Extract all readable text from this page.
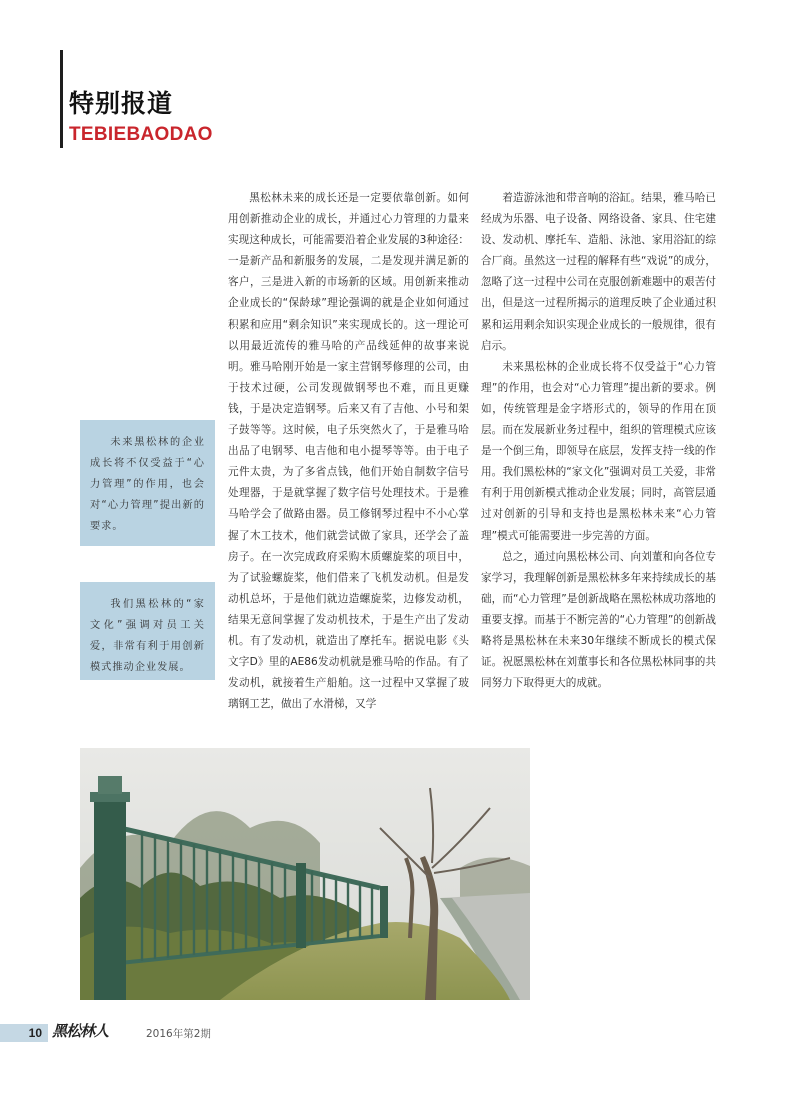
特别报道
TEBIEBAODAO

未来黑松林的企业成长将不仅受益于“心力管理”的作用，也会对“心力管理”提出新的要求。

我们黑松林的“家文化”强调对员工关爱，非常有利于用创新模式推动企业发展。

黑松林未来的成长还是一定要依靠创新。如何用创新推动企业的成长，并通过心力管理的力量来实现这种成长，可能需要沿着企业发展的3种途径：一是新产品和新服务的发展，二是发现并满足新的客户，三是进入新的市场新的区域。用创新来推动企业成长的“保龄球”理论强调的就是企业如何通过积累和应用“剩余知识”来实现成长的。这一理论可以用最近流传的雅马哈的产品线延伸的故事来说明。雅马哈刚开始是一家主营钢琴修理的公司，由于技术过硬，公司发现做钢琴也不难，而且更赚钱，于是决定造钢琴。后来又有了吉他、小号和架子鼓等等。这时候，电子乐突然火了，于是雅马哈出品了电钢琴、电吉他和电小提琴等等。由于电子元件太贵，为了多省点钱，他们开始自制数字信号处理器，于是就掌握了数字信号处理技术。于是雅马哈学会了做路由器。员工修钢琴过程中不小心掌握了木工技术，他们就尝试做了家具，还学会了盖房子。在一次完成政府采购木质螺旋桨的项目中，为了试验螺旋桨，他们借来了飞机发动机。但是发动机总坏，于是他们就边造螺旋桨，边修发动机，结果无意间掌握了发动机技术，于是生产出了发动机。有了发动机，就造出了摩托车。据说电影《头文字D》里的AE86发动机就是雅马哈的作品。有了发动机，就接着生产船舶。这一过程中又掌握了玻璃钢工艺，做出了水滑梯，又学

着造游泳池和带音响的浴缸。结果，雅马哈已经成为乐器、电子设备、网络设备、家具、住宅建设、发动机、摩托车、造船、泳池、家用浴缸的综合厂商。虽然这一过程的解释有些“戏说”的成分，忽略了这一过程中公司在克服创新难题中的艰苦付出，但是这一过程所揭示的道理反映了企业通过积累和运用剩余知识实现企业成长的一般规律，很有启示。

未来黑松林的企业成长将不仅受益于“心力管理”的作用，也会对“心力管理”提出新的要求。例如，传统管理是金字塔形式的，领导的作用在顶层。而在发展新业务过程中，组织的管理模式应该是一个倒三角，即领导在底层，发挥支持一线的作用。我们黑松林的“家文化”强调对员工关爱，非常有利于用创新模式推动企业发展；同时，高管层通过对创新的引导和支持也是黑松林未来“心力管理”模式可能需要进一步完善的方面。

总之，通过向黑松林公司、向刘董和向各位专家学习，我理解创新是黑松林多年来持续成长的基础，而“心力管理”是创新战略在黑松林成功落地的重要支撑。而基于不断完善的“心力管理”的创新战略将是黑松林在未来30年继续不断成长的模式保证。祝愿黑松林在刘董事长和各位黑松林同事的共同努力下取得更大的成就。

10 黑松林人	2016年第2期
